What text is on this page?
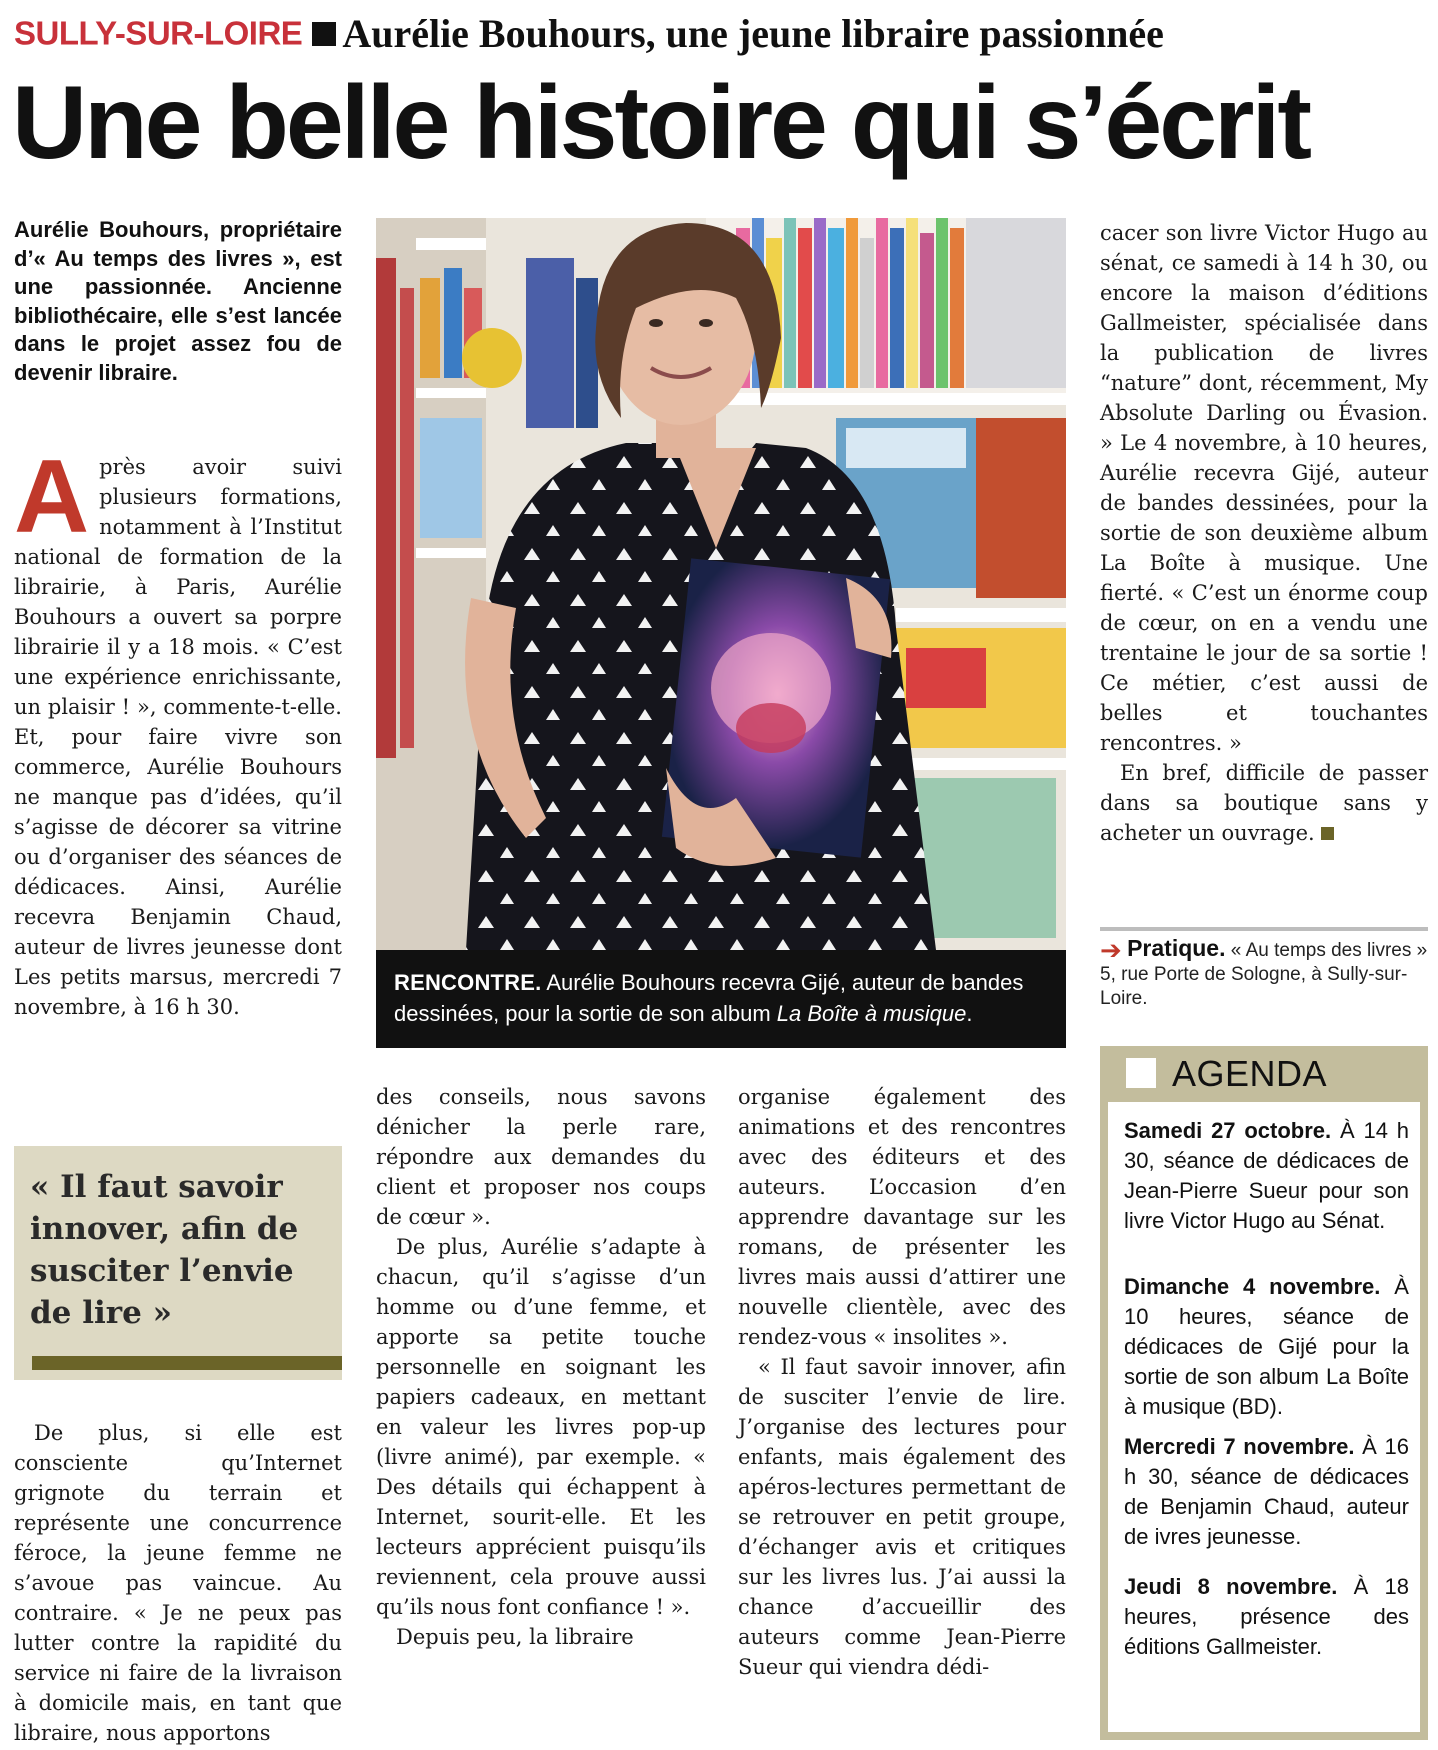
SULLY-SUR-LOIRE Aurélie Bouhours, une jeune libraire passionnée
Une belle histoire qui s’écrit
Aurélie Bouhours, propriétaire d’« Au temps des livres », est une passionnée. Ancienne bibliothécaire, elle s’est lancée dans le projet assez fou de devenir libraire.

Après avoir suivi plusieurs formations, notamment à l’Institut national de formation de la librairie, à Paris, Aurélie Bouhours a ouvert sa porpre librairie il y a 18 mois. « C’est une expérience enrichissante, un plaisir ! », commente-t-elle. Et, pour faire vivre son commerce, Aurélie Bouhours ne manque pas d’idées, qu’il s’agisse de décorer sa vitrine ou d’organiser des séances de dédicaces. Ainsi, Aurélie recevra Benjamin Chaud, auteur de livres jeunesse dont Les petits marsus, mercredi 7 novembre, à 16 h 30.

« Il faut savoir innover, afin de susciter l’envie de lire »

De plus, si elle est consciente qu’Internet grignote du terrain et représente une concurrence féroce, la jeune femme ne s’avoue pas vaincue. Au contraire. « Je ne peux pas lutter contre la rapidité du service ni faire de la livraison à domicile mais, en tant que libraire, nous apportons

RENCONTRE. Aurélie Bouhours recevra Gijé, auteur de bandes dessinées, pour la sortie de son album La Boîte à musique.

des conseils, nous savons dénicher la perle rare, répondre aux demandes du client et proposer nos coups de cœur ».

De plus, Aurélie s’adapte à chacun, qu’il s’agisse d’un homme ou d’une femme, et apporte sa petite touche personnelle en soignant les papiers cadeaux, en mettant en valeur les livres pop-up (livre animé), par exemple. « Des détails qui échappent à Internet, sourit-elle. Et les lecteurs apprécient puisqu’ils reviennent, cela prouve aussi qu’ils nous font confiance ! ».

Depuis peu, la libraire

organise également des animations et des rencontres avec des éditeurs et des auteurs. L’occasion d’en apprendre davantage sur les romans, de présenter les livres mais aussi d’attirer une nouvelle clientèle, avec des rendez-vous « insolites ».

« Il faut savoir innover, afin de susciter l’envie de lire. J’organise des lectures pour enfants, mais également des apéros-lectures permettant de se retrouver en petit groupe, d’échanger avis et critiques sur les livres lus. J’ai aussi la chance d’accueillir des auteurs comme Jean-Pierre Sueur qui viendra dédi-

cacer son livre Victor Hugo au sénat, ce samedi à 14 h 30, ou encore la maison d’éditions Gallmeister, spécialisée dans la publication de livres “nature” dont, récemment, My Absolute Darling ou Évasion. » Le 4 novembre, à 10 heures, Aurélie recevra Gijé, auteur de bandes dessinées, pour la sortie de son deuxième album La Boîte à musique. Une fierté. « C’est un énorme coup de cœur, on en a vendu une trentaine le jour de sa sortie ! Ce métier, c’est aussi de belles et touchantes rencontres. »

En bref, difficile de passer dans sa boutique sans y acheter un ouvrage.

➔ Pratique. « Au temps des livres » 5, rue Porte de Sologne, à Sully-sur-Loire.
AGENDA
Samedi 27 octobre. À 14 h 30, séance de dédicaces de Jean-Pierre Sueur pour son livre Victor Hugo au Sénat.
Dimanche 4 novembre. À 10 heures, séance de dédicaces de Gijé pour la sortie de son album La Boîte à musique (BD).
Mercredi 7 novembre. À 16 h 30, séance de dédicaces de Benjamin Chaud, auteur de ivres jeunesse.
Jeudi 8 novembre. À 18 heures, présence des éditions Gallmeister.
